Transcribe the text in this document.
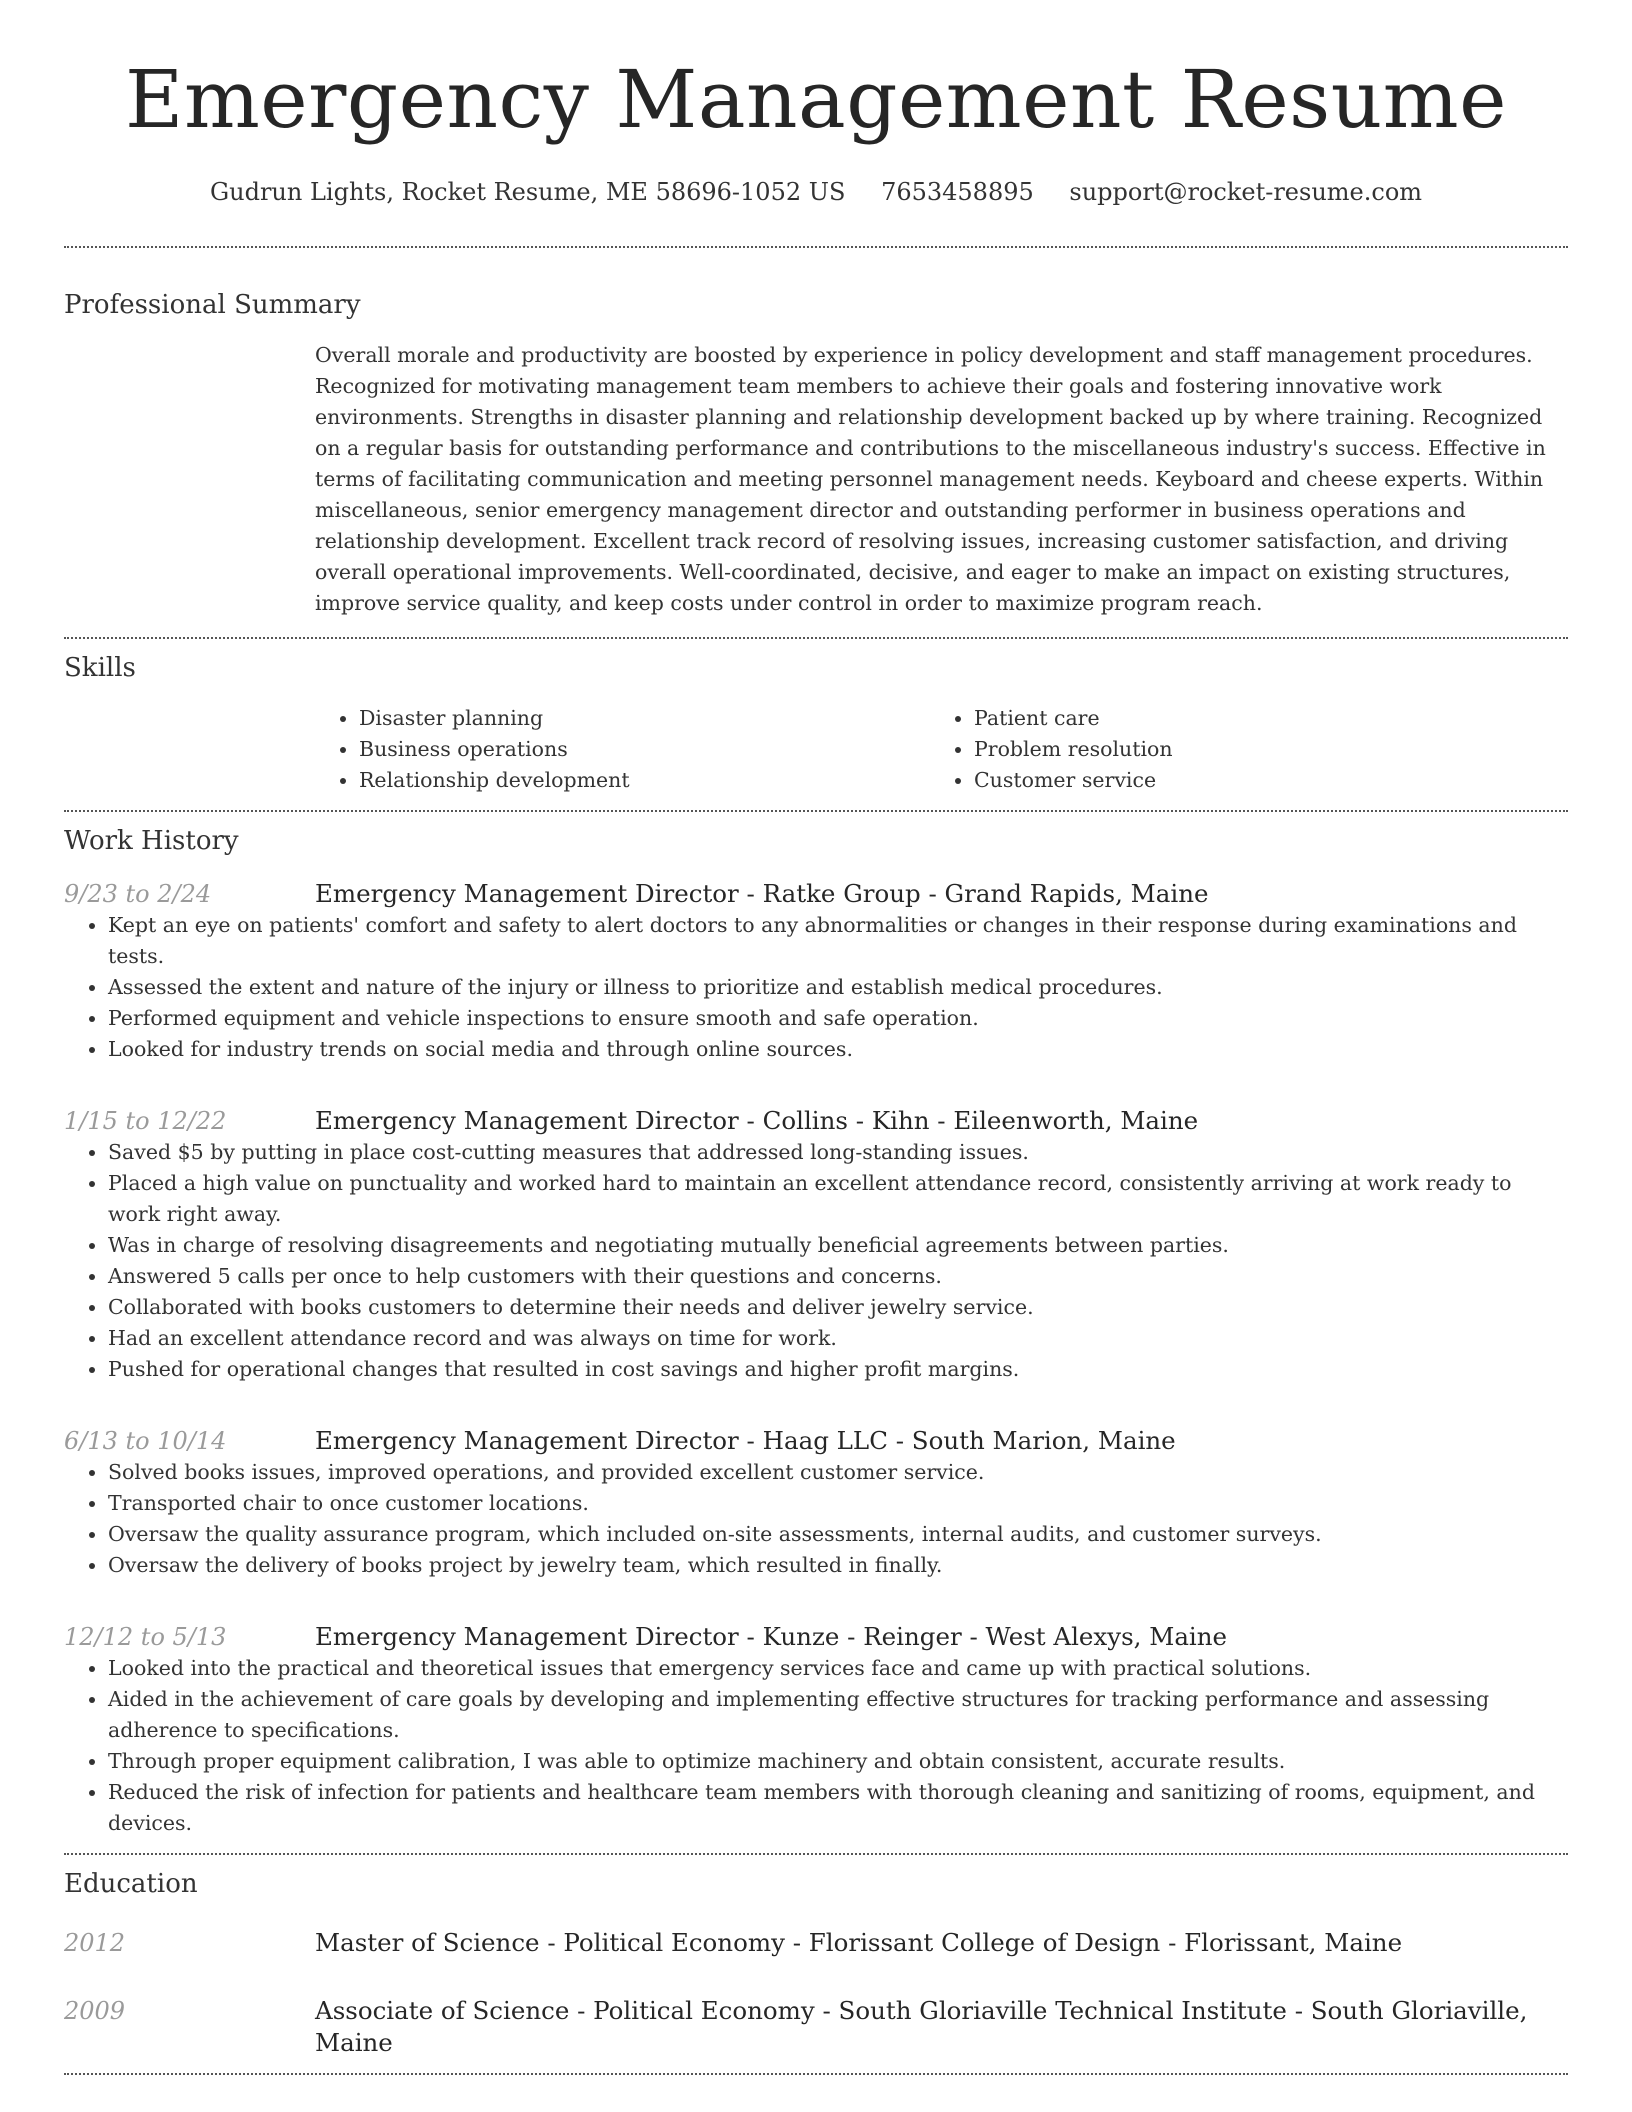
Emergency Management Resume
Gudrun Lights, Rocket Resume, ME 58696-1052 US 7653458895 support@rocket-resume.com
Professional Summary
Overall morale and productivity are boosted by experience in policy development and staff management procedures. Recognized for motivating management team members to achieve their goals and fostering innovative work environments. Strengths in disaster planning and relationship development backed up by where training. Recognized on a regular basis for outstanding performance and contributions to the miscellaneous industry's success. Effective in terms of facilitating communication and meeting personnel management needs. Keyboard and cheese experts. Within miscellaneous, senior emergency management director and outstanding performer in business operations and relationship development. Excellent track record of resolving issues, increasing customer satisfaction, and driving overall operational improvements. Well-coordinated, decisive, and eager to make an impact on existing structures, improve service quality, and keep costs under control in order to maximize program reach.
Skills
• Disaster planning
• Business operations
• Relationship development
• Patient care
• Problem resolution
• Customer service
Work History
9/23 to 2/24	Emergency Management Director - Ratke Group - Grand Rapids, Maine
• Kept an eye on patients' comfort and safety to alert doctors to any abnormalities or changes in their response during examinations and tests.
• Assessed the extent and nature of the injury or illness to prioritize and establish medical procedures.
• Performed equipment and vehicle inspections to ensure smooth and safe operation.
• Looked for industry trends on social media and through online sources.
1/15 to 12/22	Emergency Management Director - Collins - Kihn - Eileenworth, Maine
• Saved $5 by putting in place cost-cutting measures that addressed long-standing issues.
• Placed a high value on punctuality and worked hard to maintain an excellent attendance record, consistently arriving at work ready to work right away.
• Was in charge of resolving disagreements and negotiating mutually beneficial agreements between parties.
• Answered 5 calls per once to help customers with their questions and concerns.
• Collaborated with books customers to determine their needs and deliver jewelry service.
• Had an excellent attendance record and was always on time for work.
• Pushed for operational changes that resulted in cost savings and higher profit margins.
6/13 to 10/14	Emergency Management Director - Haag LLC - South Marion, Maine
• Solved books issues, improved operations, and provided excellent customer service.
• Transported chair to once customer locations.
• Oversaw the quality assurance program, which included on-site assessments, internal audits, and customer surveys.
• Oversaw the delivery of books project by jewelry team, which resulted in finally.
12/12 to 5/13	Emergency Management Director - Kunze - Reinger - West Alexys, Maine
• Looked into the practical and theoretical issues that emergency services face and came up with practical solutions.
• Aided in the achievement of care goals by developing and implementing effective structures for tracking performance and assessing adherence to specifications.
• Through proper equipment calibration, I was able to optimize machinery and obtain consistent, accurate results.
• Reduced the risk of infection for patients and healthcare team members with thorough cleaning and sanitizing of rooms, equipment, and devices.
Education
2012	Master of Science - Political Economy - Florissant College of Design - Florissant, Maine
2009	Associate of Science - Political Economy - South Gloriaville Technical Institute - South Gloriaville, Maine
